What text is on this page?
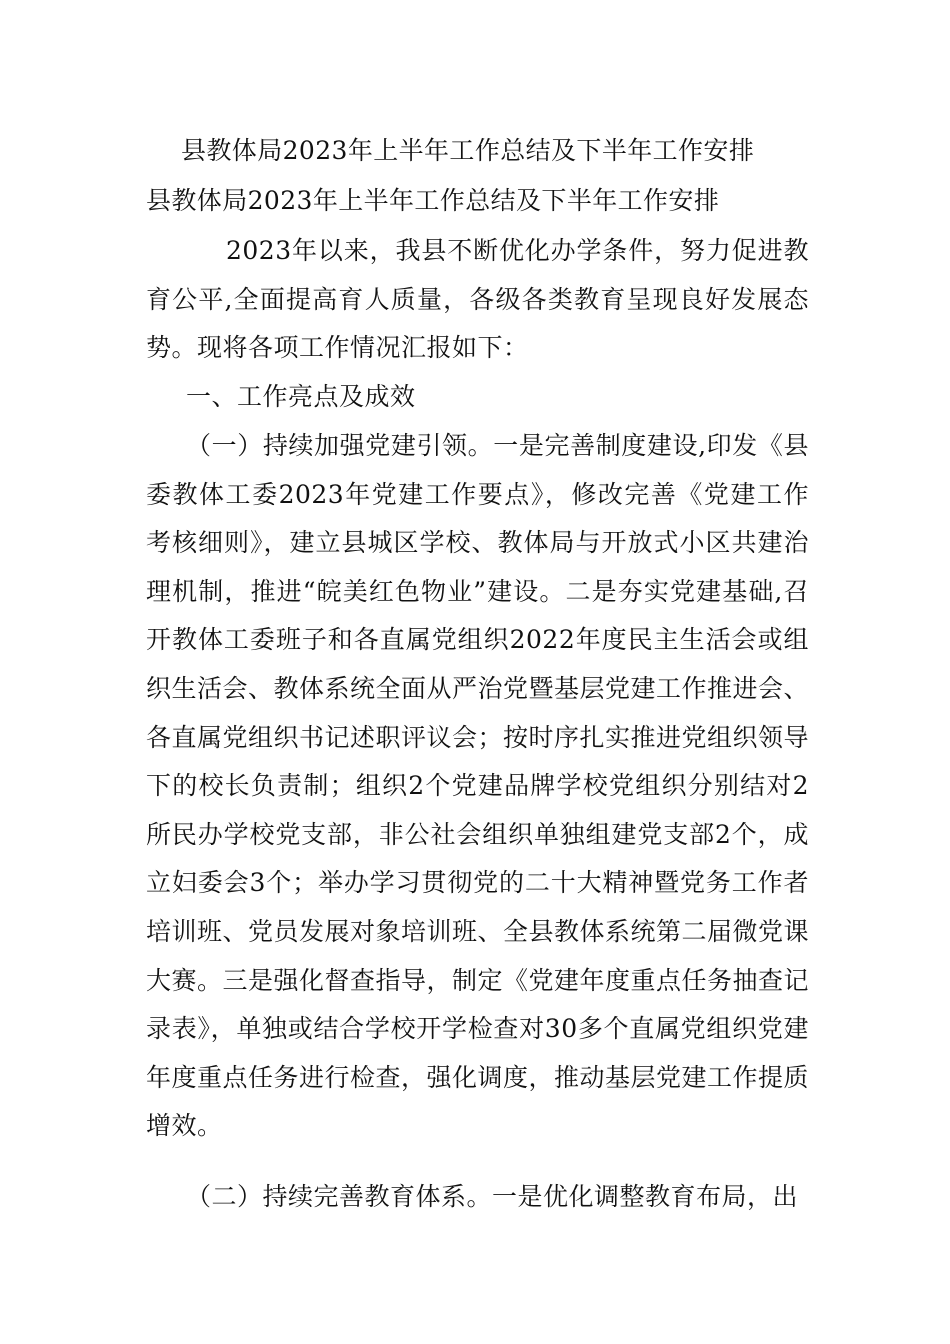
县教体局2023年上半年工作总结及下半年工作安排
县教体局2023年上半年工作总结及下半年工作安排

2023年以来，我县不断优化办学条件，努力促进教育公平,全面提高育人质量，各级各类教育呈现良好发展态势。现将各项工作情况汇报如下：

一、工作亮点及成效

（一）持续加强党建引领。一是完善制度建设,印发《县委教体工委2023年党建工作要点》，修改完善《党建工作考核细则》，建立县城区学校、教体局与开放式小区共建治理机制，推进“皖美红色物业”建设。二是夯实党建基础,召开教体工委班子和各直属党组织2022年度民主生活会或组织生活会、教体系统全面从严治党暨基层党建工作推进会、各直属党组织书记述职评议会；按时序扎实推进党组织领导下的校长负责制；组织2个党建品牌学校党组织分别结对2所民办学校党支部，非公社会组织单独组建党支部2个，成立妇委会3个；举办学习贯彻党的二十大精神暨党务工作者培训班、党员发展对象培训班、全县教体系统第二届微党课大赛。三是强化督查指导，制定《党建年度重点任务抽查记录表》，单独或结合学校开学检查对30多个直属党组织党建年度重点任务进行检查，强化调度，推动基层党建工作提质增效。

（二）持续完善教育体系。一是优化调整教育布局，出
